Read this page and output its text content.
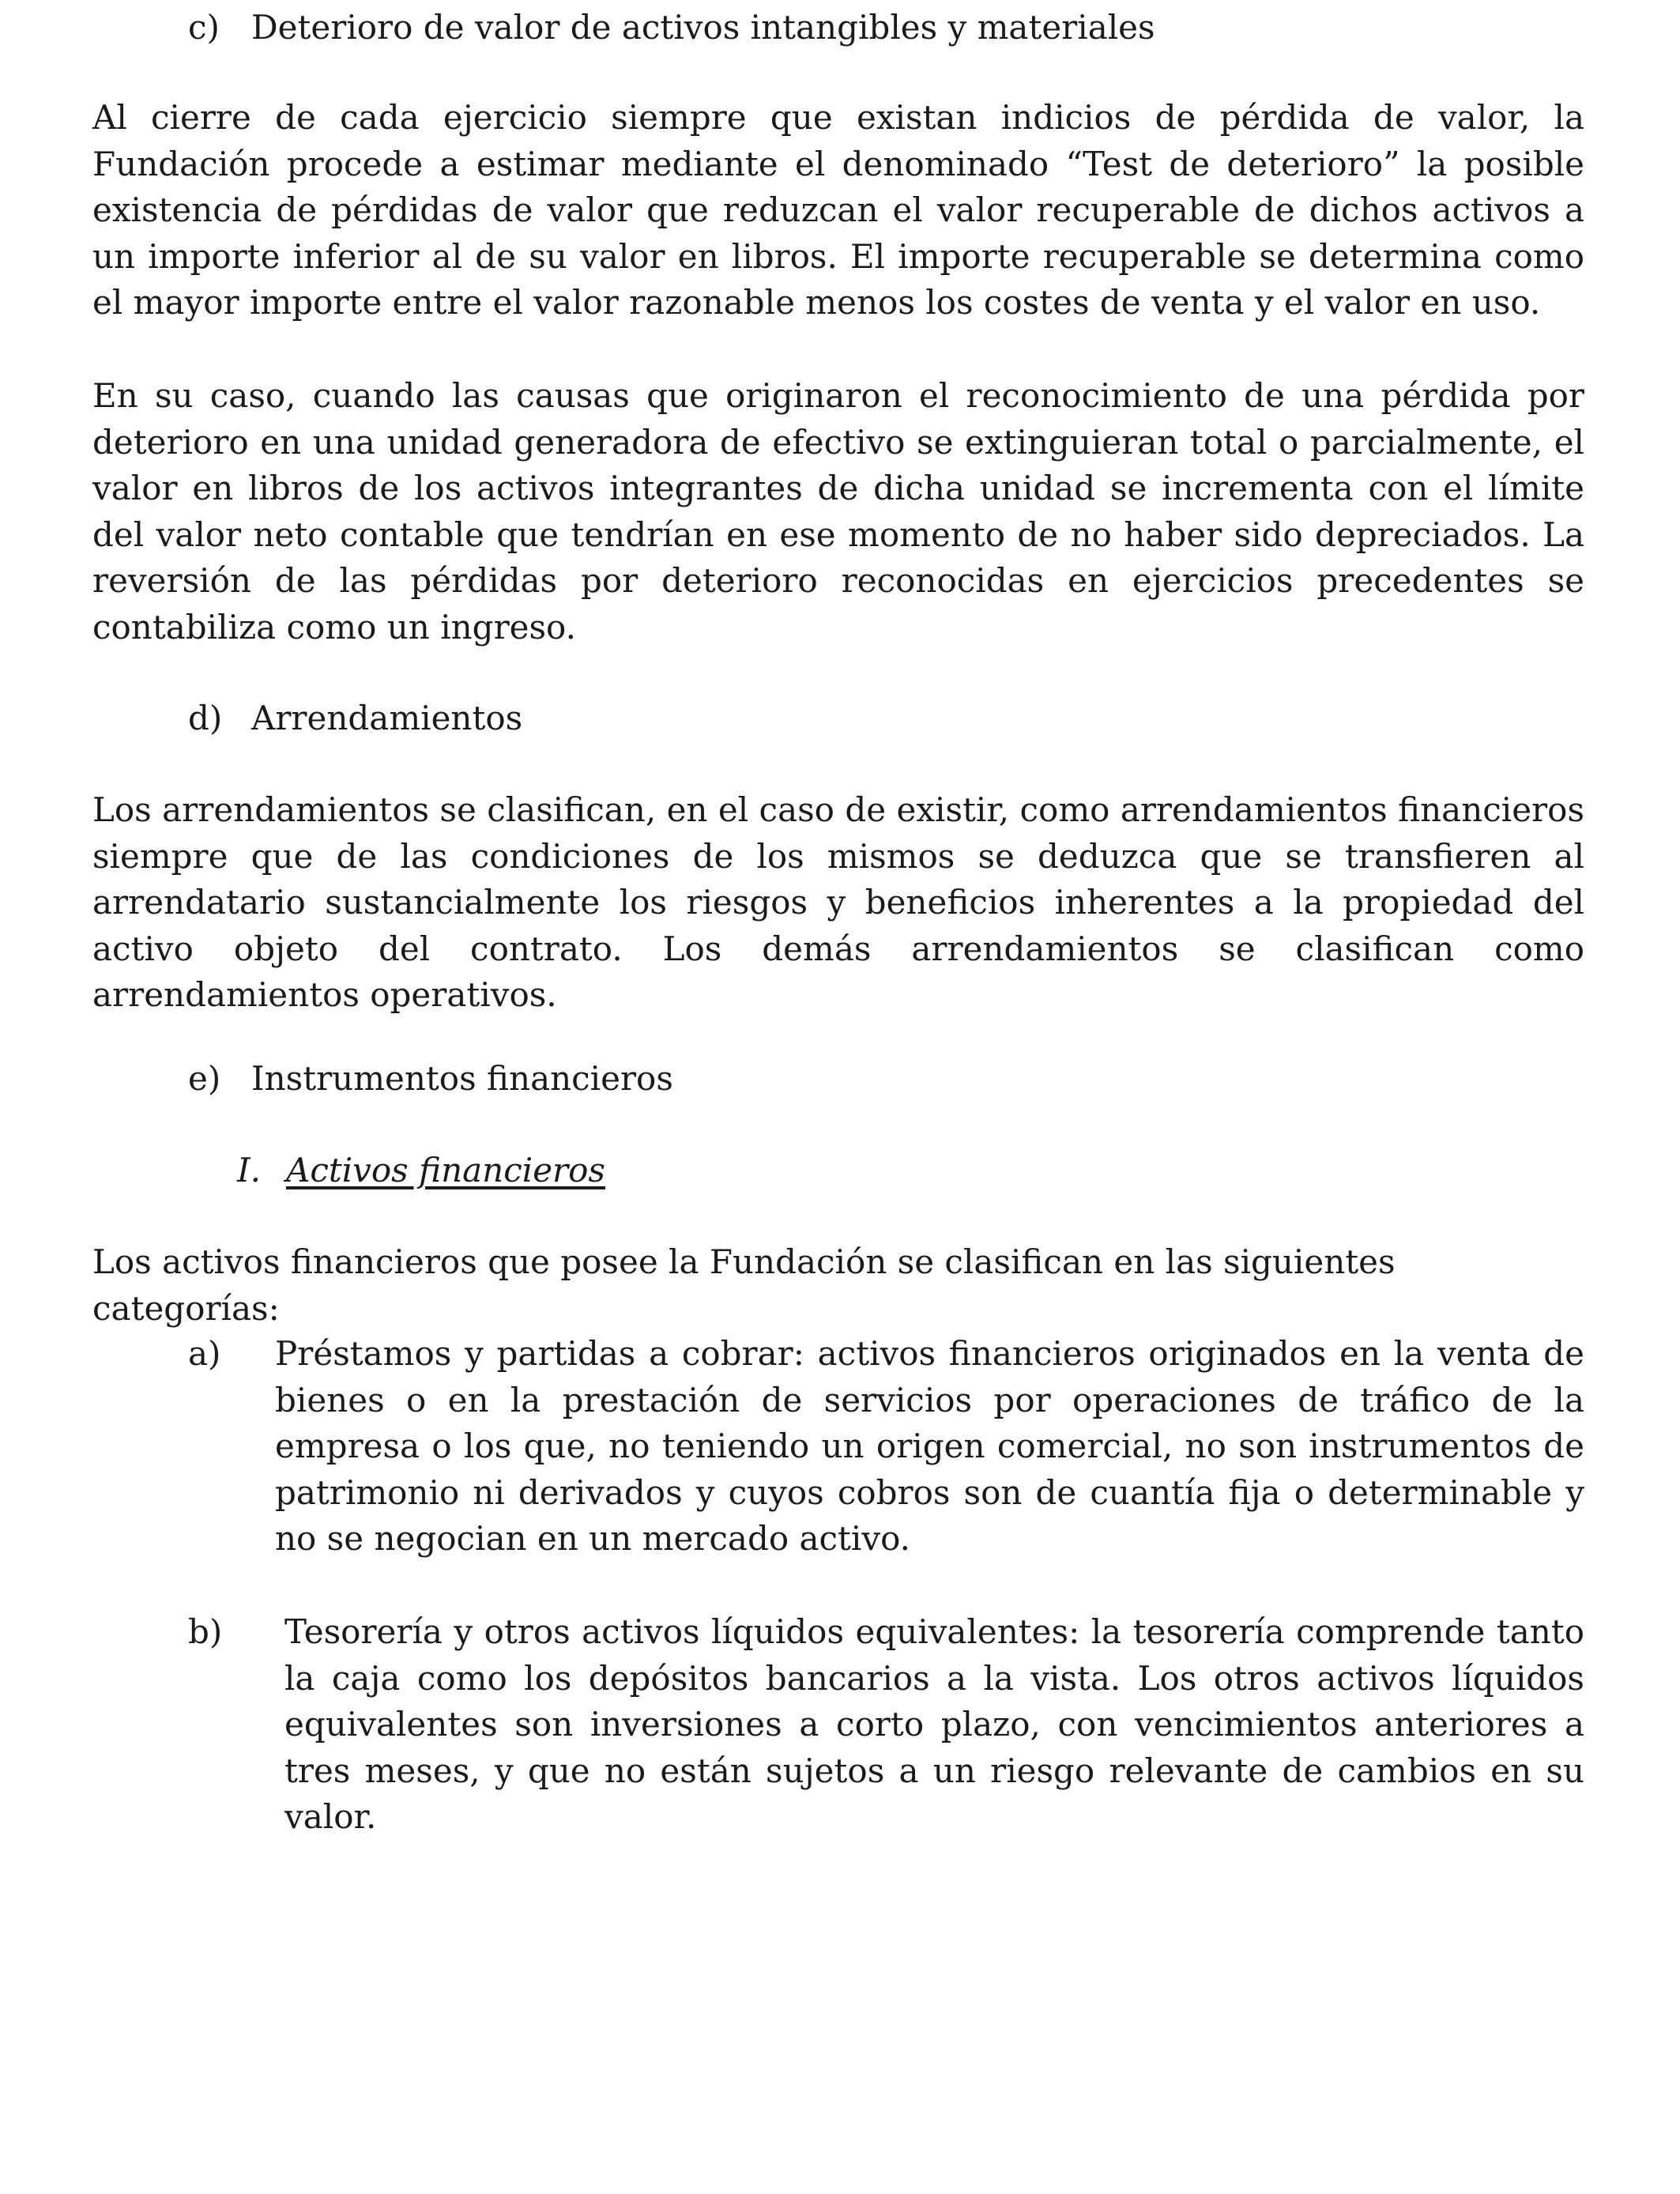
c) Deterioro de valor de activos intangibles y materiales

Al cierre de cada ejercicio siempre que existan indicios de pérdida de valor, la Fundación procede a estimar mediante el denominado “Test de deterioro” la posible existencia de pérdidas de valor que reduzcan el valor recuperable de dichos activos a un importe inferior al de su valor en libros. El importe recuperable se determina como el mayor importe entre el valor razonable menos los costes de venta y el valor en uso.

En su caso, cuando las causas que originaron el reconocimiento de una pérdida por deterioro en una unidad generadora de efectivo se extinguieran total o parcialmente, el valor en libros de los activos integrantes de dicha unidad se incrementa con el límite del valor neto contable que tendrían en ese momento de no haber sido depreciados. La reversión de las pérdidas por deterioro reconocidas en ejercicios precedentes se contabiliza como un ingreso.

d) Arrendamientos

Los arrendamientos se clasifican, en el caso de existir, como arrendamientos financieros siempre que de las condiciones de los mismos se deduzca que se transfieren al arrendatario sustancialmente los riesgos y beneficios inherentes a la propiedad del activo objeto del contrato. Los demás arrendamientos se clasifican como arrendamientos operativos.

e) Instrumentos financieros
I. Activos financieros

Los activos financieros que posee la Fundación se clasifican en las siguientes categorías:

a) Préstamos y partidas a cobrar: activos financieros originados en la venta de bienes o en la prestación de servicios por operaciones de tráfico de la empresa o los que, no teniendo un origen comercial, no son instrumentos de patrimonio ni derivados y cuyos cobros son de cuantía fija o determinable y no se negocian en un mercado activo.

b) Tesorería y otros activos líquidos equivalentes: la tesorería comprende tanto la caja como los depósitos bancarios a la vista. Los otros activos líquidos equivalentes son inversiones a corto plazo, con vencimientos anteriores a tres meses, y que no están sujetos a un riesgo relevante de cambios en su valor.
